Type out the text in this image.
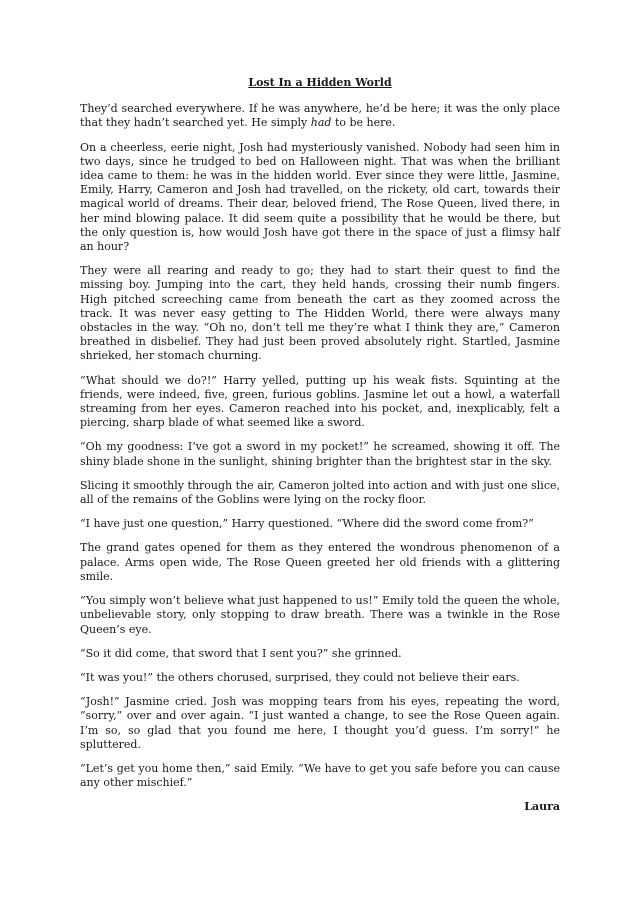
Lost In a Hidden World

They’d searched everywhere. If he was anywhere, he’d be here; it was the only place that they hadn’t searched yet. He simply had to be here.

On a cheerless, eerie night, Josh had mysteriously vanished. Nobody had seen him in two days, since he trudged to bed on Halloween night. That was when the brilliant idea came to them: he was in the hidden world. Ever since they were little, Jasmine, Emily, Harry, Cameron and Josh had travelled, on the rickety, old cart, towards their magical world of dreams. Their dear, beloved friend, The Rose Queen, lived there, in her mind blowing palace. It did seem quite a possibility that he would be there, but the only question is, how would Josh have got there in the space of just a flimsy half an hour?

They were all rearing and ready to go; they had to start their quest to find the missing boy. Jumping into the cart, they held hands, crossing their numb fingers. High pitched screeching came from beneath the cart as they zoomed across the track. It was never easy getting to The Hidden World, there were always many obstacles in the way. “Oh no, don’t tell me they’re what I think they are,” Cameron breathed in disbelief. They had just been proved absolutely right. Startled, Jasmine shrieked, her stomach churning.

“What should we do?!” Harry yelled, putting up his weak fists. Squinting at the friends, were indeed, five, green, furious goblins. Jasmine let out a howl, a waterfall streaming from her eyes. Cameron reached into his pocket, and, inexplicably, felt a piercing, sharp blade of what seemed like a sword.

“Oh my goodness: I’ve got a sword in my pocket!” he screamed, showing it off. The shiny blade shone in the sunlight, shining brighter than the brightest star in the sky.

Slicing it smoothly through the air, Cameron jolted into action and with just one slice, all of the remains of the Goblins were lying on the rocky floor.

“I have just one question,” Harry questioned. “Where did the sword come from?”

The grand gates opened for them as they entered the wondrous phenomenon of a palace. Arms open wide, The Rose Queen greeted her old friends with a glittering smile.

“You simply won’t believe what just happened to us!” Emily told the queen the whole, unbelievable story, only stopping to draw breath. There was a twinkle in the Rose Queen’s eye.

“So it did come, that sword that I sent you?” she grinned.

“It was you!” the others chorused, surprised, they could not believe their ears.

“Josh!” Jasmine cried. Josh was mopping tears from his eyes, repeating the word, “sorry,” over and over again. “I just wanted a change, to see the Rose Queen again. I’m so, so glad that you found me here, I thought you’d guess. I’m sorry!” he spluttered.

“Let’s get you home then,” said Emily. “We have to get you safe before you can cause any other mischief.”

Laura
